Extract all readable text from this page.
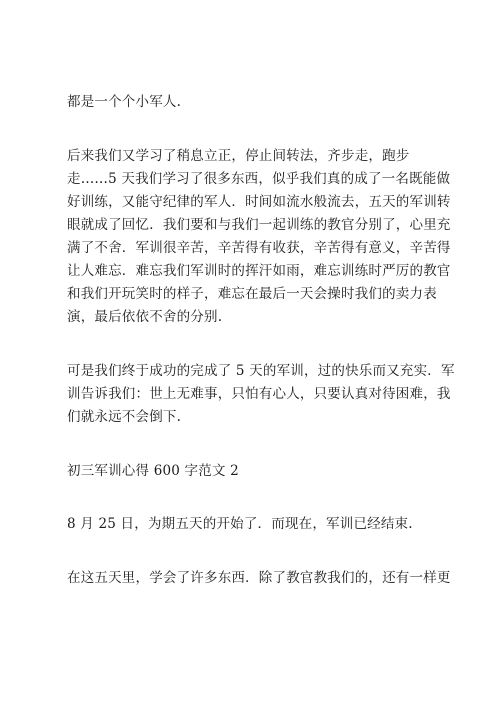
都是一个个小军人.
后来我们又学习了稍息立正，停止间转法，齐步走，跑步
走……5 天我们学习了很多东西，似乎我们真的成了一名既能做
好训练，又能守纪律的军人．时间如流水般流去，五天的军训转
眼就成了回忆．我们要和与我们一起训练的教官分别了，心里充
满了不舍．军训很辛苦，辛苦得有收获，辛苦得有意义，辛苦得
让人难忘．难忘我们军训时的挥汗如雨，难忘训练时严厉的教官
和我们开玩笑时的样子，难忘在最后一天会操时我们的卖力表
演，最后依依不舍的分别.
可是我们终于成功的完成了 5 天的军训，过的快乐而又充实．军
训告诉我们：世上无难事，只怕有心人，只要认真对待困难，我
们就永远不会倒下.
初三军训心得 600 字范文 2
8 月 25 日，为期五天的开始了．而现在，军训已经结束.
在这五天里，学会了许多东西．除了教官教我们的，还有一样更
